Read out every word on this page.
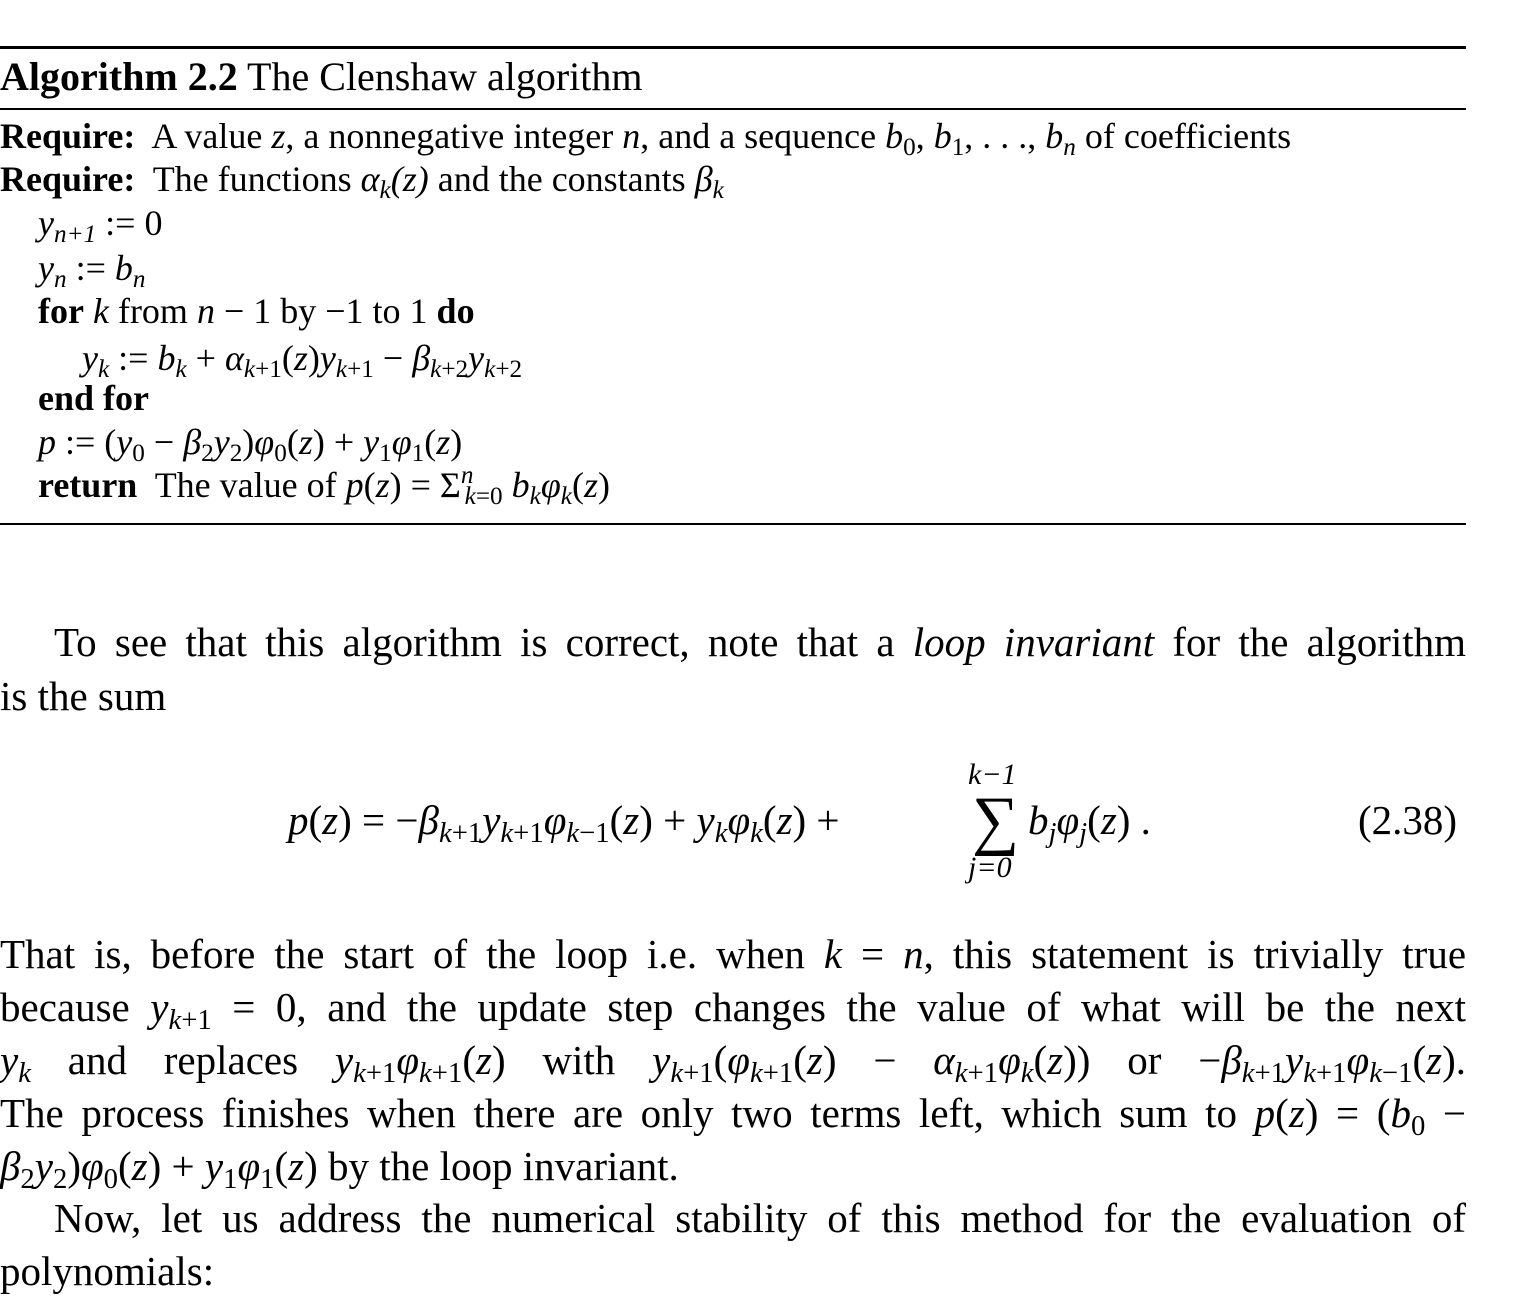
Algorithm 2.2 The Clenshaw algorithm
Require: A value z, a nonnegative integer n, and a sequence $b_0$, $b_1$, . . ., $b_n$ of coefficients
Require: The functions $\alpha_k(z)$ and the constants $\beta_k$
$y_{n+1}$ := 0
$y_n$ := $b_n$
for k from n − 1 by −1 to 1 do
$y_k$ := $b_k + \alpha_{k+1}(z)y_{k+1} - \beta_{k+2}y_{k+2}$
end for
p := $(y_0 - \beta_2y_2)\varphi_0(z) + y_1\varphi_1(z)$
return The value of $p(z) = \Sigma^n_{k=0}$ $b_k\varphi_k(z)$
To see that this algorithm is correct, note that a loop invariant for the algorithm
is the sum
$p(z) = -\beta_{k+1}y_{k+1}\varphi_{k-1}(z) + y_k\varphi_k(z)$ +
k−1
∑
j=0
$b_j\varphi_j(z)$ .	(2.38)
That is, before the start of the loop i.e. when k = n, this statement is trivially true
because $y_{k+1} = 0$, and the update step changes the value of what will be the next
$y_k$ and replaces $y_{k+1}\varphi_{k+1}(z)$ with $y_{k+1}(\varphi_{k+1}(z) - \alpha_{k+1}\varphi_k(z))$ or $-\beta_{k+1}y_{k+1}\varphi_{k-1}(z)$.
The process finishes when there are only two terms left, which sum to $p(z) = (b_0$ −
$\beta_2y_2)\varphi_0(z) + y_1\varphi_1(z)$ by the loop invariant.
Now, let us address the numerical stability of this method for the evaluation of
polynomials:
